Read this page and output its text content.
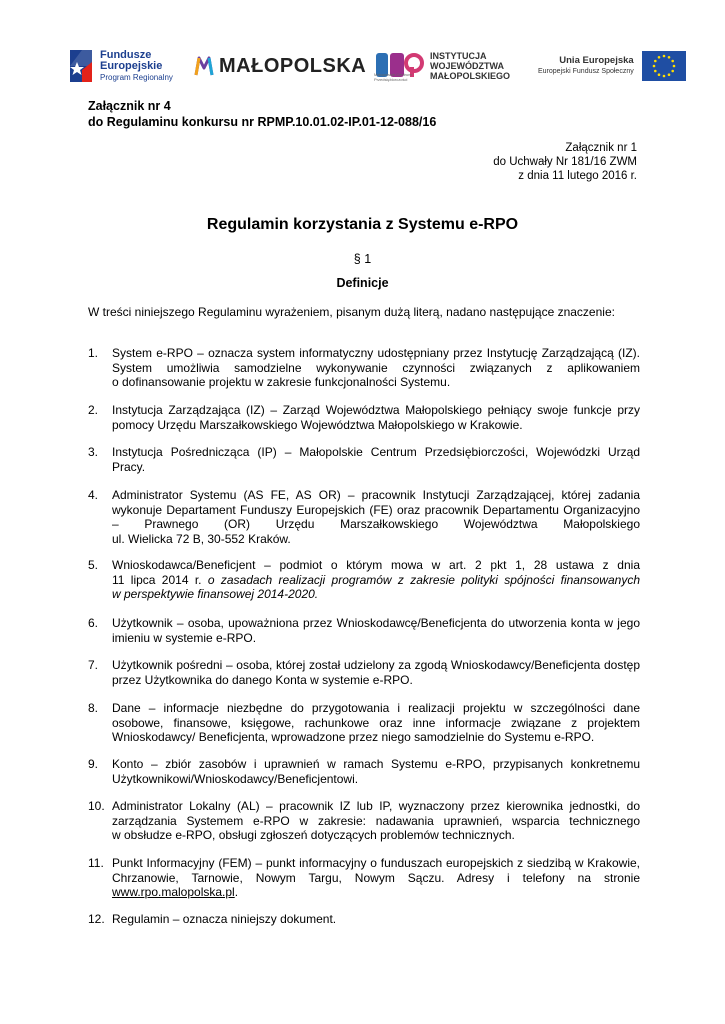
Fundusze
Europejskie
Program Regionalny
MAŁOPOLSKA	INSTYTUCJA
WOJEWÓDZTWA
MAŁOPOLSKIEGO
Małopolskie Centrum Przedsiębiorczości
Unia Europejska
Europejski Fundusz Społeczny
Załącznik nr 4
do Regulaminu konkursu nr RPMP.10.01.02-IP.01-12-088/16
Załącznik nr 1
do Uchwały Nr 181/16 ZWM
z dnia 11 lutego 2016 r.
Regulamin korzystania z Systemu e-RPO
§ 1
Definicje
W treści niniejszego Regulaminu wyrażeniem, pisanym dużą literą, nadano następujące znaczenie:
1.	System e-RPO – oznacza system informatyczny udostępniany przez Instytucję Zarządzającą (IZ).
System umożliwia samodzielne wykonywanie czynności związanych z aplikowaniem
o dofinansowanie projektu w zakresie funkcjonalności Systemu.
2.	Instytucja Zarządzająca (IZ) – Zarząd Województwa Małopolskiego pełniący swoje funkcje przy
pomocy Urzędu Marszałkowskiego Województwa Małopolskiego w Krakowie.
3.	Instytucja Pośrednicząca (IP) – Małopolskie Centrum Przedsiębiorczości, Wojewódzki Urząd
Pracy.
4.	Administrator Systemu (AS FE, AS OR) – pracownik Instytucji Zarządzającej, której zadania
wykonuje Departament Funduszy Europejskich (FE) oraz pracownik Departamentu Organizacyjno
– Prawnego (OR) Urzędu Marszałkowskiego Województwa Małopolskiego
ul. Wielicka 72 B, 30-552 Kraków.
5.	Wnioskodawca/Beneficjent – podmiot o którym mowa w art. 2 pkt 1, 28 ustawa z dnia
11 lipca 2014 r. o zasadach realizacji programów z zakresie polityki spójności finansowanych
w perspektywie finansowej 2014-2020.
6.	Użytkownik – osoba, upoważniona przez Wnioskodawcę/Beneficjenta do utworzenia konta w jego
imieniu w systemie e-RPO.
7.	Użytkownik pośredni – osoba, której został udzielony za zgodą Wnioskodawcy/Beneficjenta dostęp
przez Użytkownika do danego Konta w systemie e-RPO.
8.	Dane – informacje niezbędne do przygotowania i realizacji projektu w szczególności dane
osobowe, finansowe, księgowe, rachunkowe oraz inne informacje związane z projektem
Wnioskodawcy/ Beneficjenta, wprowadzone przez niego samodzielnie do Systemu e-RPO.
9.	Konto – zbiór zasobów i uprawnień w ramach Systemu e-RPO, przypisanych konkretnemu
Użytkownikowi/Wnioskodawcy/Beneficjentowi.
10. Administrator Lokalny (AL) – pracownik IZ lub IP, wyznaczony przez kierownika jednostki, do
zarządzania Systemem e-RPO w zakresie: nadawania uprawnień, wsparcia technicznego
w obsłudze e-RPO, obsługi zgłoszeń dotyczących problemów technicznych.
11. Punkt Informacyjny (FEM) – punkt informacyjny o funduszach europejskich z siedzibą w Krakowie,
Chrzanowie, Tarnowie, Nowym Targu, Nowym Sączu. Adresy i telefony na stronie
www.rpo.malopolska.pl.
12. Regulamin – oznacza niniejszy dokument.
